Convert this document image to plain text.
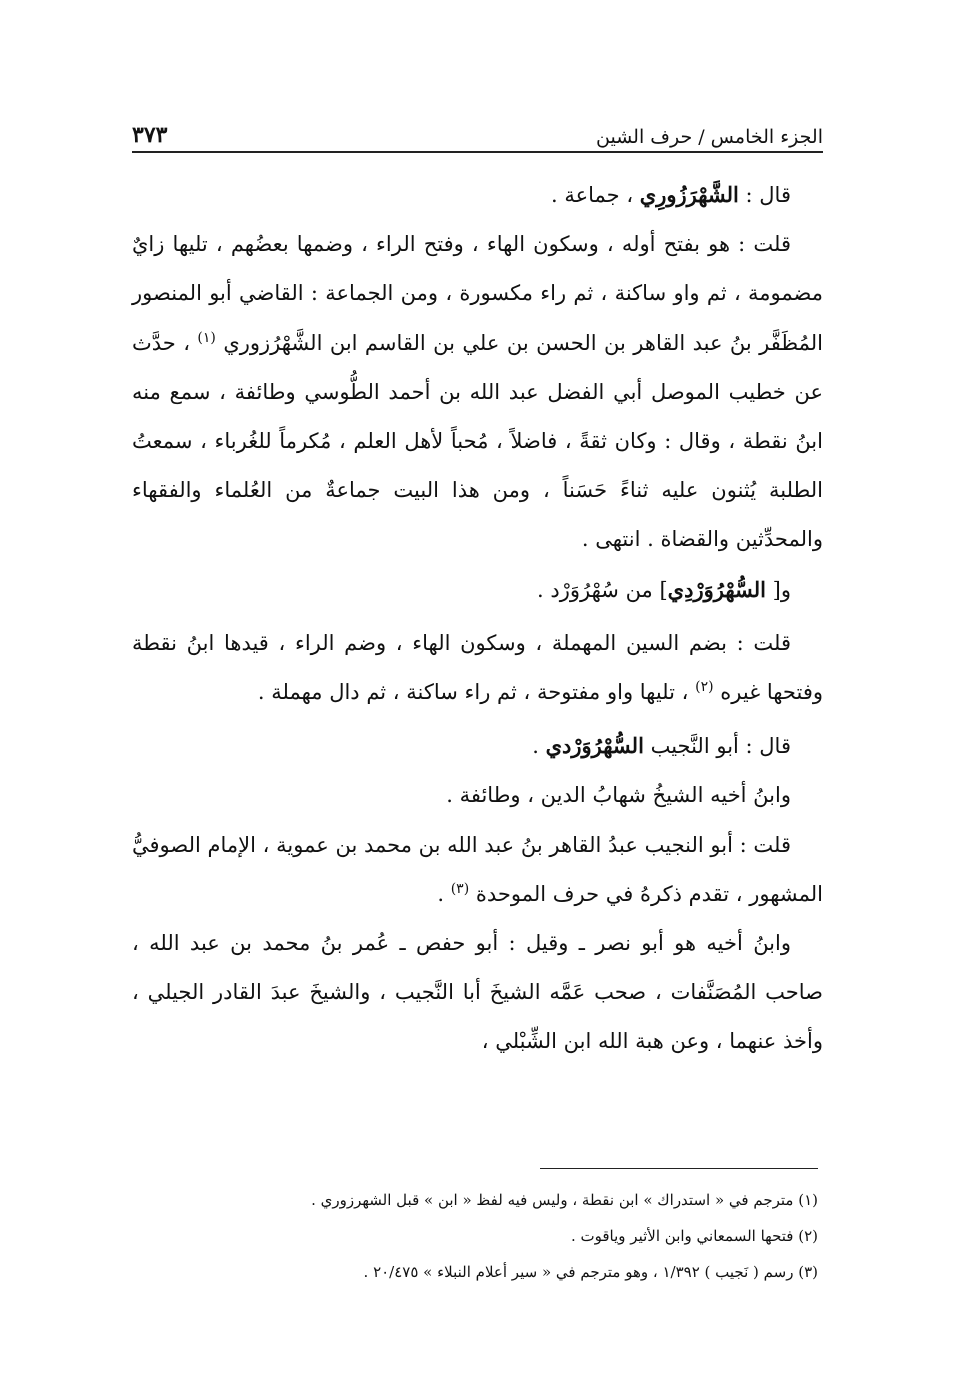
الجزء الخامس / حرف الشين
٣٧٣

قال : الشَّهْرَزُورِي ، جماعة .

قلت : هو بفتح أوله ، وسكون الهاء ، وفتح الراء ، وضمها بعضُهم ، تليها زايٌ مضمومة ، ثم واو ساكنة ، ثم راء مكسورة ، ومن الجماعة : القاضي أبو المنصور المُظَفَّر بنُ عبد القاهر بن الحسن بن علي بن القاسم ابن الشَّهْرُزوري $^{(١)}$ ، حدَّث عن خطيب الموصل أبي الفضل عبد الله بن أحمد الطُّوسي وطائفة ، سمع منه ابنُ نقطة ، وقال : وكان ثقةً ، فاضلاً ، مُحباً لأهل العلم ، مُكرماً للغُرباء ، سمعتُ الطلبة يُثنون عليه ثناءً حَسَناً ، ومن هذا البيت جماعةٌ من العُلماء والفقهاء والمحدِّثين والقضاة . انتهى .

و[ السُّهْرُوَرْدِي] من سُهْرُوَرْد .

قلت : بضم السين المهملة ، وسكون الهاء ، وضم الراء ، قيدها ابنُ نقطة وفتحها غيره $^{(٢)}$ ، تليها واو مفتوحة ، ثم راء ساكنة ، ثم دال مهملة .

قال : أبو النَّجيب السُّهْرُوَرْدي .

وابنُ أخيه الشيخُ شهابُ الدين ، وطائفة .

قلت : أبو النجيب عبدُ القاهر بنُ عبد الله بن محمد بن عموية ، الإمام الصوفيُّ المشهور ، تقدم ذكرهُ في حرف الموحدة $^{(٣)}$ .

وابنُ أخيه هو أبو نصر ـ وقيل : أبو حفص ـ عُمر بنُ محمد بن عبد الله ، صاحب المُصَنَّفات ، صحب عَمَّه الشيخَ أبا النَّجيب ، والشيخَ عبدَ القادر الجيلي ، وأخذ عنهما ، وعن هبة الله ابن الشِّبْلي ،

(١) مترجم في « استدراك » ابن نقطة ، وليس فيه لفظ « ابن » قبل الشهرزوري .
(٢) فتحها السمعاني وابن الأثير وياقوت .
(٣) رسم ( نَجيب ) ١/٣٩٢ ، وهو مترجم في « سير أعلام النبلاء » ٢٠/٤٧٥ .
